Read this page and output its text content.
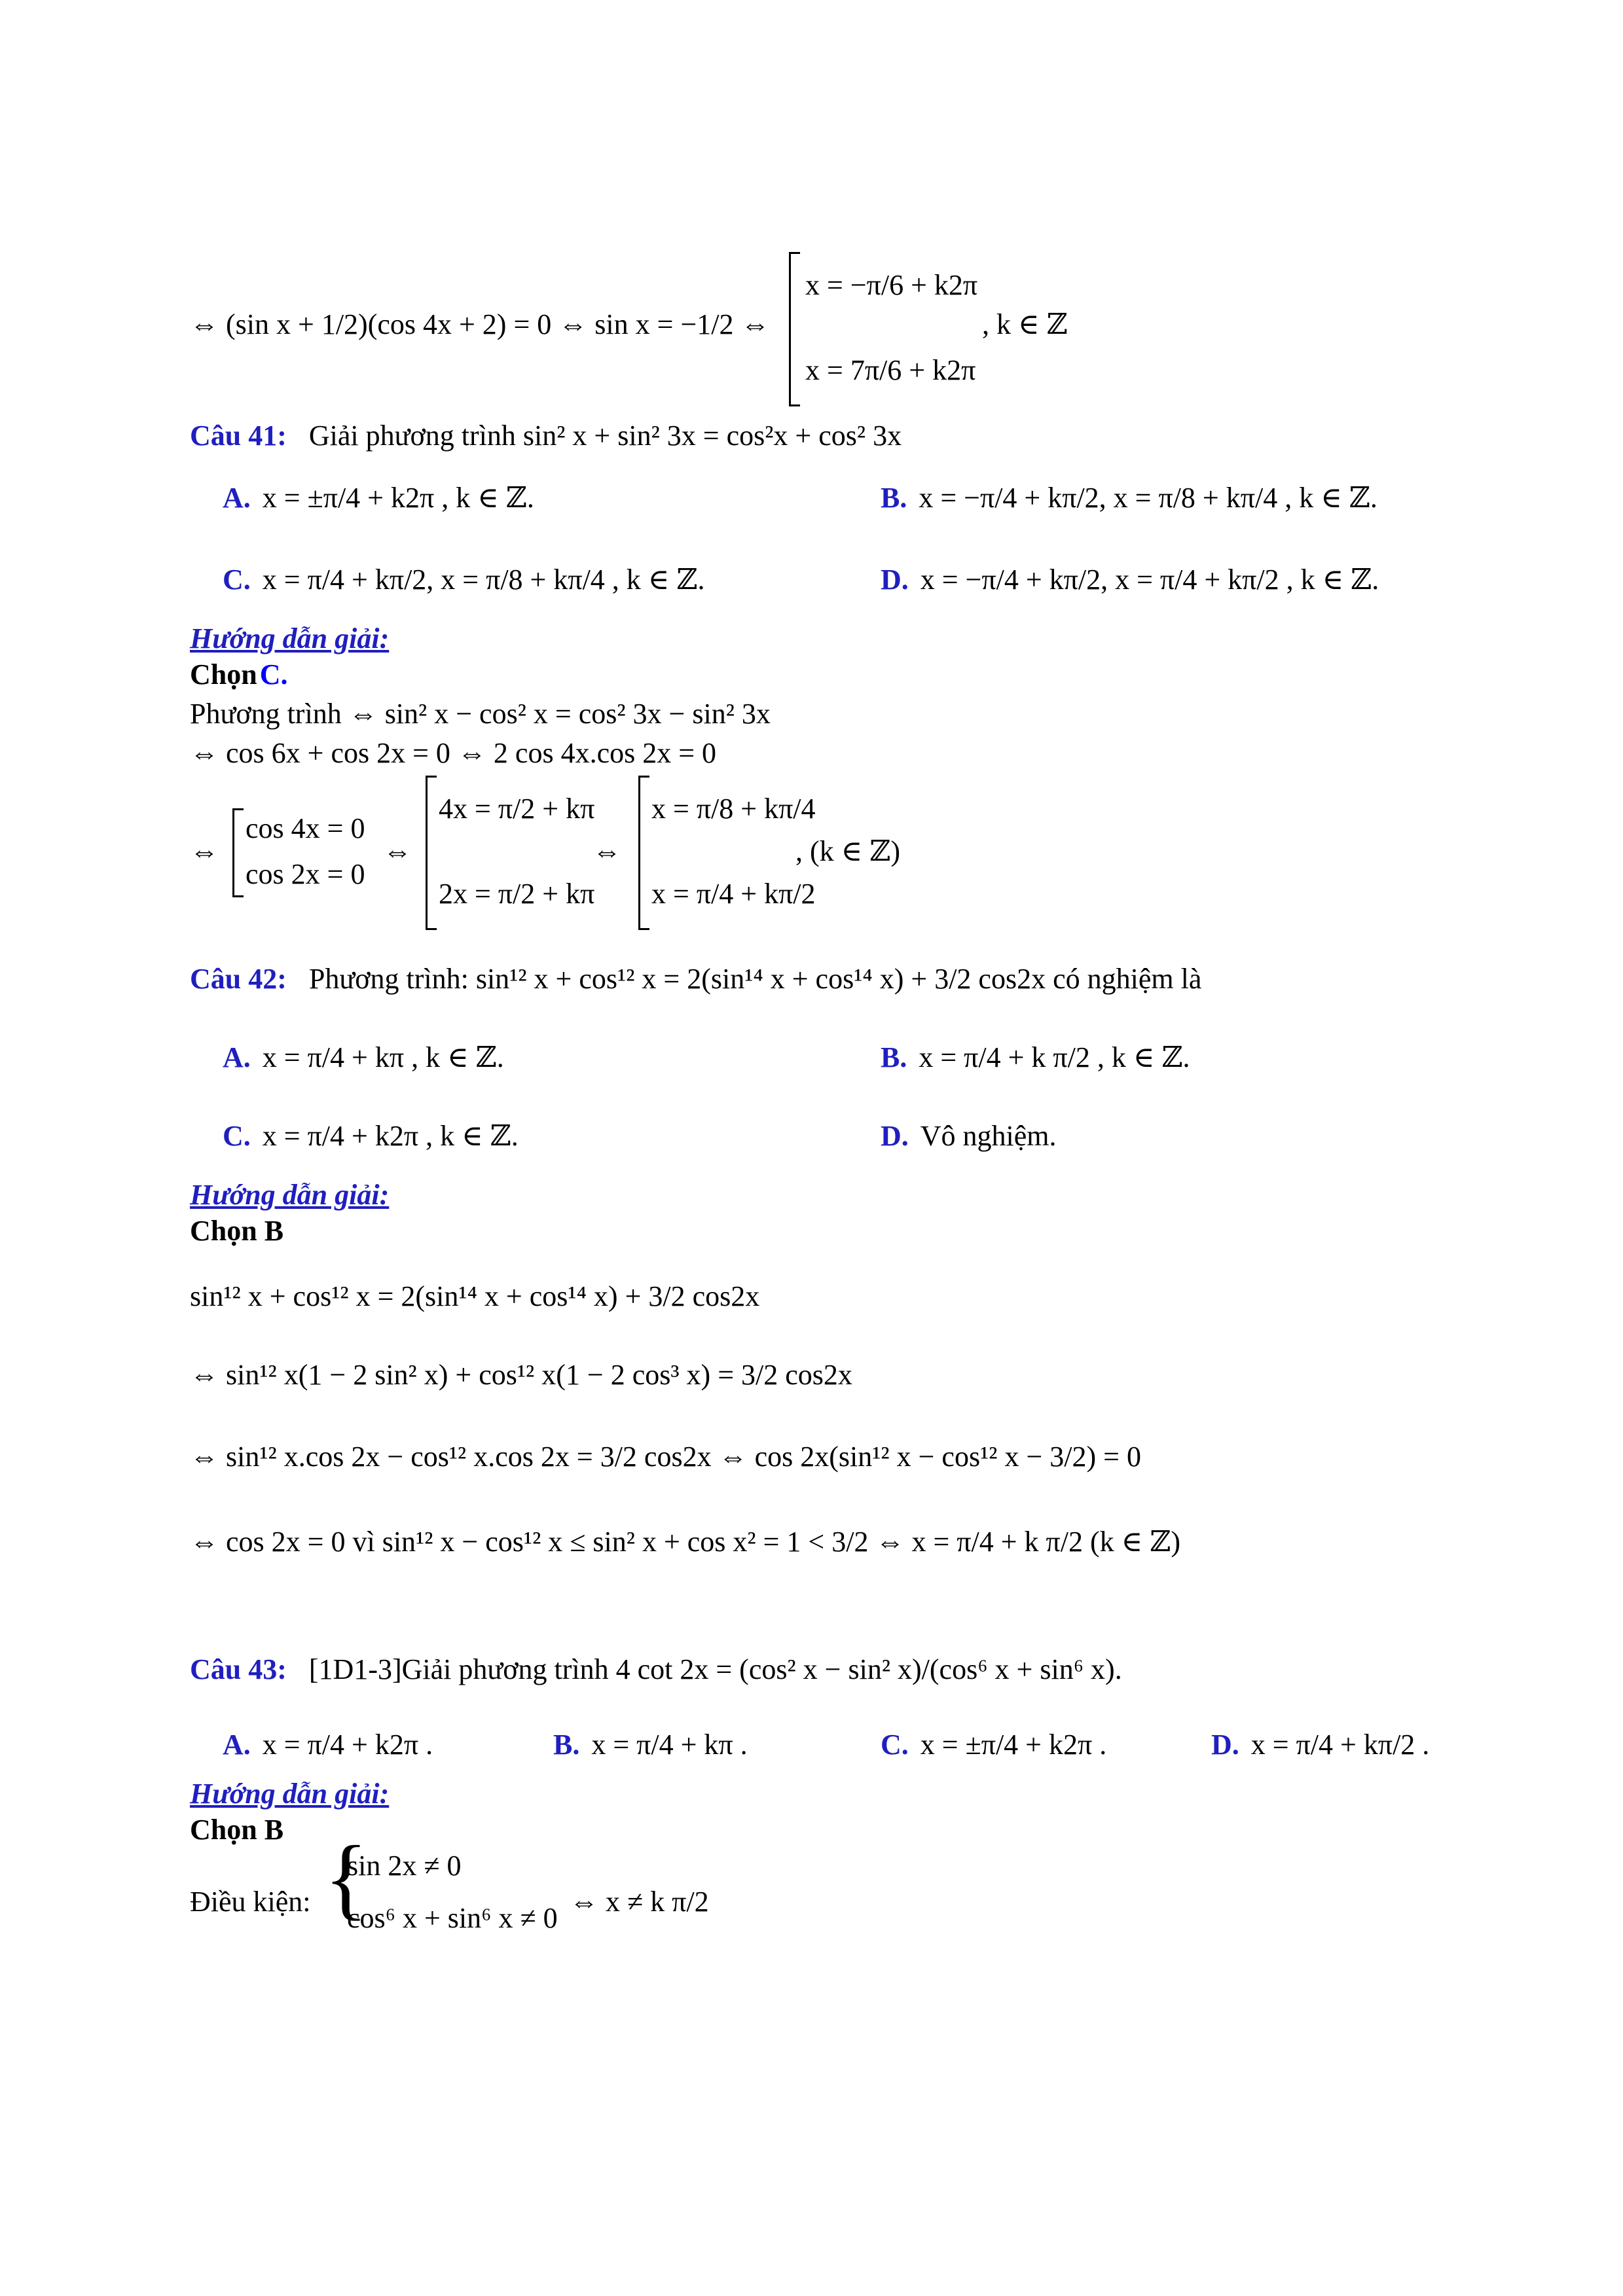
⇔ (sin x + 1/2)(cos 4x + 2) = 0 ⇔ sin x = −1/2 ⇔
x = −π/6 + k2π
x = 7π/6 + k2π
, k ∈ ℤ
Câu 41: Giải phương trình sin² x + sin² 3x = cos²x + cos² 3x
A. x = ±π/4 + k2π , k ∈ ℤ.	B. x = −π/4 + kπ/2, x = π/8 + kπ/4 , k ∈ ℤ.
C. x = π/4 + kπ/2, x = π/8 + kπ/4 , k ∈ ℤ.	D. x = −π/4 + kπ/2, x = π/4 + kπ/2 , k ∈ ℤ.
Hướng dẫn giải:
Chọn C.
Phương trình ⇔ sin² x − cos² x = cos² 3x − sin² 3x
⇔ cos 6x + cos 2x = 0 ⇔ 2 cos 4x.cos 2x = 0
⇔
cos 4x = 0
cos 2x = 0
⇔
4x = π/2 + kπ
2x = π/2 + kπ
⇔
x = π/8 + kπ/4
x = π/4 + kπ/2
, (k ∈ ℤ)
Câu 42: Phương trình: sin¹² x + cos¹² x = 2(sin¹⁴ x + cos¹⁴ x) + 3/2 cos2x có nghiệm là
A. x = π/4 + kπ , k ∈ ℤ.	B. x = π/4 + k π/2 , k ∈ ℤ.
C. x = π/4 + k2π , k ∈ ℤ.	D. Vô nghiệm.
Hướng dẫn giải:
Chọn B
sin¹² x + cos¹² x = 2(sin¹⁴ x + cos¹⁴ x) + 3/2 cos2x
⇔ sin¹² x(1 − 2 sin² x) + cos¹² x(1 − 2 cos³ x) = 3/2 cos2x
⇔ sin¹² x.cos 2x − cos¹² x.cos 2x = 3/2 cos2x ⇔ cos 2x(sin¹² x − cos¹² x − 3/2) = 0
⇔ cos 2x = 0 vì sin¹² x − cos¹² x ≤ sin² x + cos x² = 1 < 3/2 ⇔ x = π/4 + k π/2 (k ∈ ℤ)
Câu 43: [1D1-3]Giải phương trình 4 cot 2x = (cos² x − sin² x)/(cos⁶ x + sin⁶ x).
A. x = π/4 + k2π .	B. x = π/4 + kπ .	C. x = ±π/4 + k2π .	D. x = π/4 + kπ/2 .
Hướng dẫn giải:
Chọn B
Điều kiện: {
sin 2x ≠ 0
cos⁶ x + sin⁶ x ≠ 0
⇔ x ≠ k π/2
